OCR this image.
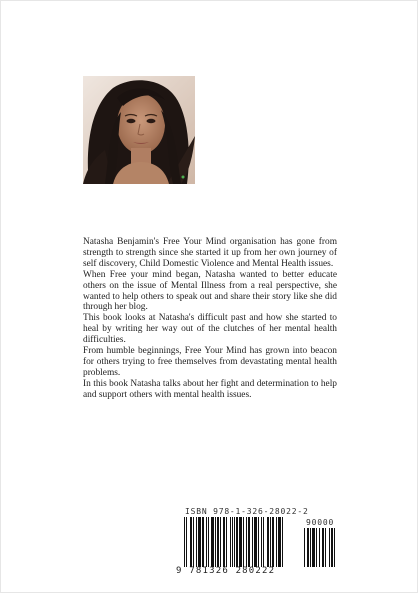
Natasha Benjamin's Free Your Mind organisation has gone from strength to strength since she started it up from her own journey of self discovery, Child Domestic Violence and Mental Health issues.

When Free your mind began, Natasha wanted to better educate others on the issue of Mental Illness from a real perspective, she wanted to help others to speak out and share their story like she did through her blog.

This book looks at Natasha's difficult past and how she started to heal by writing her way out of the clutches of her mental health difficulties.

From humble beginnings, Free Your Mind has grown into beacon for others trying to free themselves from devastating mental health problems.

In this book Natasha talks about her fight and determination to help and support others with mental health issues.

ISBN 978-1-326-28022-2
90000
9 781326 280222
